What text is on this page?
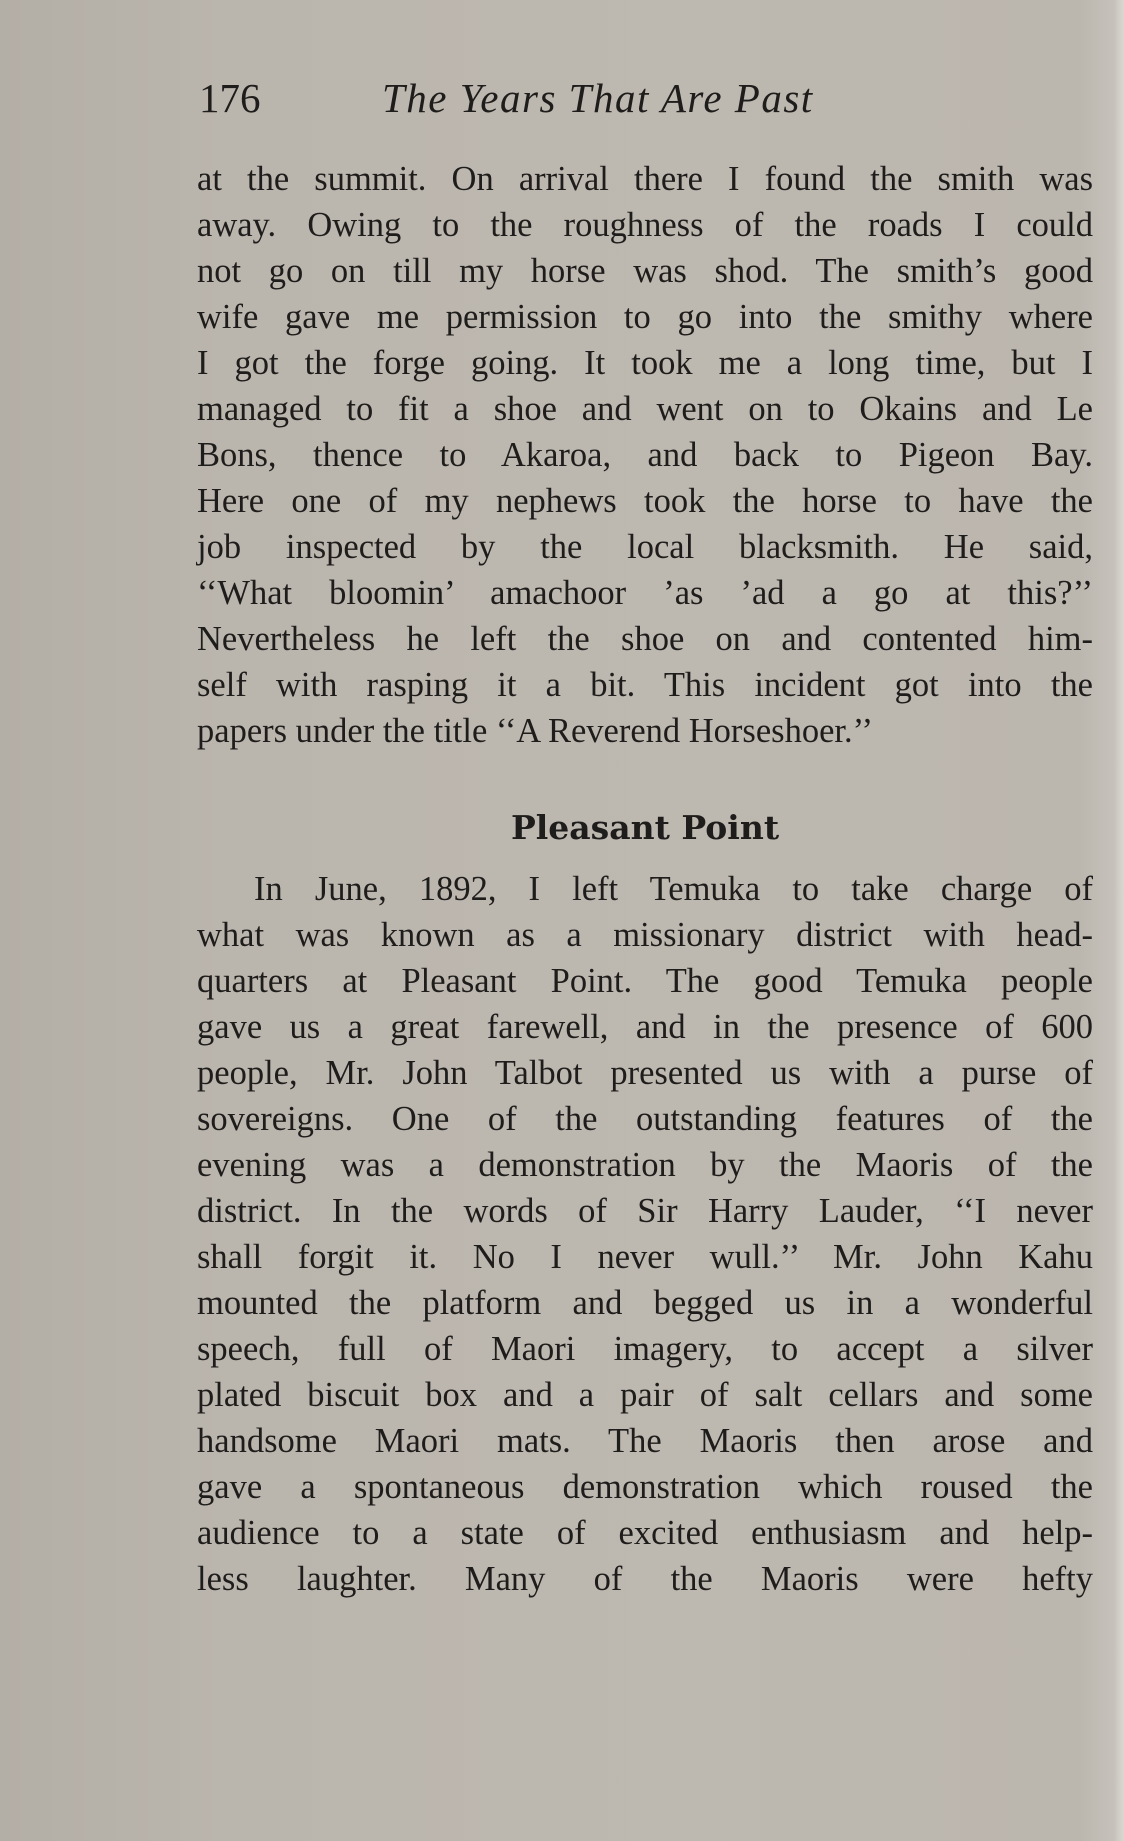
176	The Years That Are Past
at the summit. On arrival there I found the smith was
away. Owing to the roughness of the roads I could
not go on till my horse was shod. The smith’s good
wife gave me permission to go into the smithy where
I got the forge going. It took me a long time, but I
managed to fit a shoe and went on to Okains and Le
Bons, thence to Akaroa, and back to Pigeon Bay.
Here one of my nephews took the horse to have the
job inspected by the local blacksmith. He said,
‘‘What bloomin’ amachoor ’as ’ad a go at this?’’
Nevertheless he left the shoe on and contented him-
self with rasping it a bit. This incident got into the
papers under the title ‘‘A Reverend Horseshoer.’’
Pleasant Point
In June, 1892, I left Temuka to take charge of
what was known as a missionary district with head-
quarters at Pleasant Point. The good Temuka people
gave us a great farewell, and in the presence of 600
people, Mr. John Talbot presented us with a purse of
sovereigns. One of the outstanding features of the
evening was a demonstration by the Maoris of the
district. In the words of Sir Harry Lauder, ‘‘I never
shall forgit it. No I never wull.’’ Mr. John Kahu
mounted the platform and begged us in a wonderful
speech, full of Maori imagery, to accept a silver
plated biscuit box and a pair of salt cellars and some
handsome Maori mats. The Maoris then arose and
gave a spontaneous demonstration which roused the
audience to a state of excited enthusiasm and help-
less laughter. Many of the Maoris were hefty
